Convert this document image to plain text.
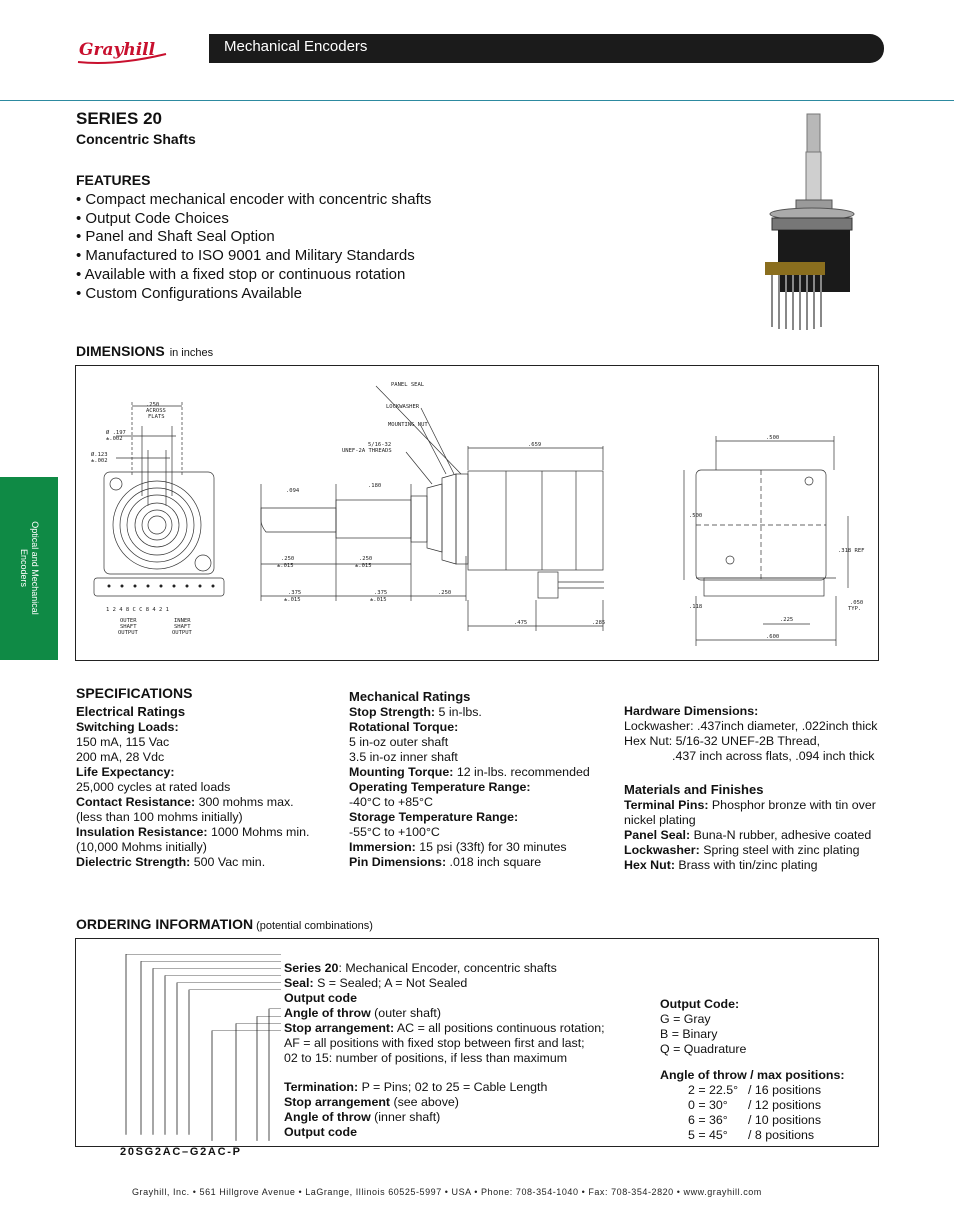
Grayhill	Mechanical Encoders
Optical and Mechanical
Encoders
SERIES 20
Concentric Shafts
FEATURES
• Compact mechanical encoder with concentric shafts
• Output Code Choices
• Panel and Shaft Seal Option
• Manufactured to ISO 9001 and Military Standards
• Available with a fixed stop or continuous rotation
• Custom Configurations Available
DIMENSIONS in inches
.250
ACROSS
FLATS
Ø .197
±.002
Ø.123
±.002
1 2 4 8 C C 8 4 2 1
OUTER
SHAFT
OUTPUT
INNER
SHAFT
OUTPUT
PANEL SEAL
LOCKWASHER
MOUNTING NUT
5/16-32
UNEF-2A THREADS
.094
.180
.250
±.015
.250
±.015
.375
±.015
.375
±.015
.250
.659
.475	.285
.500
.500
.318 REF
.050
TYP.
.118
.225
.600
SPECIFICATIONS
Electrical Ratings
Switching Loads:
150 mA, 115 Vac
200 mA, 28 Vdc
Life Expectancy:
25,000 cycles at rated loads
Contact Resistance: 300 mohms max.
(less than 100 mohms initially)
Insulation Resistance: 1000 Mohms min.
(10,000 Mohms initially)
Dielectric Strength: 500 Vac min.
Mechanical Ratings
Stop Strength: 5 in-lbs.
Rotational Torque:
5 in-oz outer shaft
3.5 in-oz inner shaft
Mounting Torque: 12 in-lbs. recommended
Operating Temperature Range:
-40°C to +85°C
Storage Temperature Range:
-55°C to +100°C
Immersion: 15 psi (33ft) for 30 minutes
Pin Dimensions: .018 inch square
Hardware Dimensions:
Lockwasher: .437inch diameter, .022inch thick
Hex Nut: 5/16-32 UNEF-2B Thread,
.437 inch across flats, .094 inch thick
Materials and Finishes
Terminal Pins: Phosphor bronze with tin over
nickel plating
Panel Seal: Buna-N rubber, adhesive coated
Lockwasher: Spring steel with zinc plating
Hex Nut: Brass with tin/zinc plating
ORDERING INFORMATION (potential combinations)
20SG2AC–G2AC-P
Series 20: Mechanical Encoder, concentric shafts
Seal: S = Sealed; A = Not Sealed
Output code
Angle of throw (outer shaft)
Stop arrangement: AC = all positions continuous rotation;
AF = all positions with fixed stop between first and last;
02 to 15: number of positions, if less than maximum
Termination: P = Pins; 02 to 25 = Cable Length
Stop arrangement (see above)
Angle of throw (inner shaft)
Output code
Output Code:
G = Gray
B = Binary
Q = Quadrature
Angle of throw / max positions:
2 = 22.5° / 16 positions
0 = 30°	/ 12 positions
6 = 36°	/ 10 positions
5 = 45°	/ 8 positions
Grayhill, Inc. • 561 Hillgrove Avenue • LaGrange, Illinois 60525-5997 • USA • Phone: 708-354-1040 • Fax: 708-354-2820 • www.grayhill.com
